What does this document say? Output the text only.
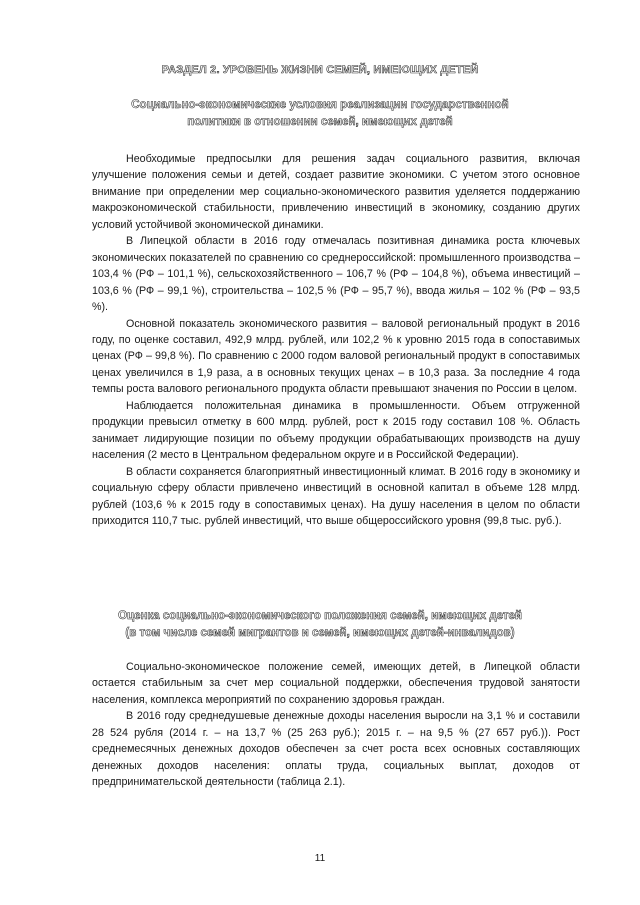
РАЗДЕЛ 2. УРОВЕНЬ ЖИЗНИ СЕМЕЙ, ИМЕЮЩИХ ДЕТЕЙ
Социально-экономические условия реализации государственной
политики в отношении семей, имеющих детей

Необходимые предпосылки для решения задач социального развития, включая улучшение положения семьи и детей, создает развитие экономики. С учетом этого основное внимание при определении мер социально-экономического развития уделяется поддержанию макроэкономической стабильности, привлечению инвестиций в экономику, созданию других условий устойчивой экономической динамики.

В Липецкой области в 2016 году отмечалась позитивная динамика роста ключевых экономических показателей по сравнению со среднероссийской: промышленного производства – 103,4 % (РФ – 101,1 %), сельскохозяйственного – 106,7 % (РФ – 104,8 %), объема инвестиций – 103,6 % (РФ – 99,1 %), строительства – 102,5 % (РФ – 95,7 %), ввода жилья – 102 % (РФ – 93,5 %).

Основной показатель экономического развития – валовой региональный продукт в 2016 году, по оценке составил, 492,9 млрд. рублей, или 102,2 % к уровню 2015 года в сопоставимых ценах (РФ – 99,8 %). По сравнению с 2000 годом валовой региональный продукт в сопоставимых ценах увеличился в 1,9 раза, а в основных текущих ценах – в 10,3 раза. За последние 4 года темпы роста валового регионального продукта области превышают значения по России в целом.

Наблюдается положительная динамика в промышленности. Объем отгруженной продукции превысил отметку в 600 млрд. рублей, рост к 2015 году составил 108 %. Область занимает лидирующие позиции по объему продукции обрабатывающих производств на душу населения (2 место в Центральном федеральном округе и в Российской Федерации).

В области сохраняется благоприятный инвестиционный климат. В 2016 году в экономику и социальную сферу области привлечено инвестиций в основной капитал в объеме 128 млрд. рублей (103,6 % к 2015 году в сопоставимых ценах). На душу населения в целом по области приходится 110,7 тыс. рублей инвестиций, что выше общероссийского уровня (99,8 тыс. руб.).

Оценка социально-экономического положения семей, имеющих детей
(в том числе семей мигрантов и семей, имеющих детей-инвалидов)

Социально-экономическое положение семей, имеющих детей, в Липецкой области остается стабильным за счет мер социальной поддержки, обеспечения трудовой занятости населения, комплекса мероприятий по сохранению здоровья граждан.

В 2016 году среднедушевые денежные доходы населения выросли на 3,1 % и составили 28 524 рубля (2014 г. – на 13,7 % (25 263 руб.); 2015 г. – на 9,5 % (27 657 руб.)). Рост среднемесячных денежных доходов обеспечен за счет роста всех основных составляющих денежных доходов населения: оплаты труда, социальных выплат, доходов от предпринимательской деятельности (таблица 2.1).

11
